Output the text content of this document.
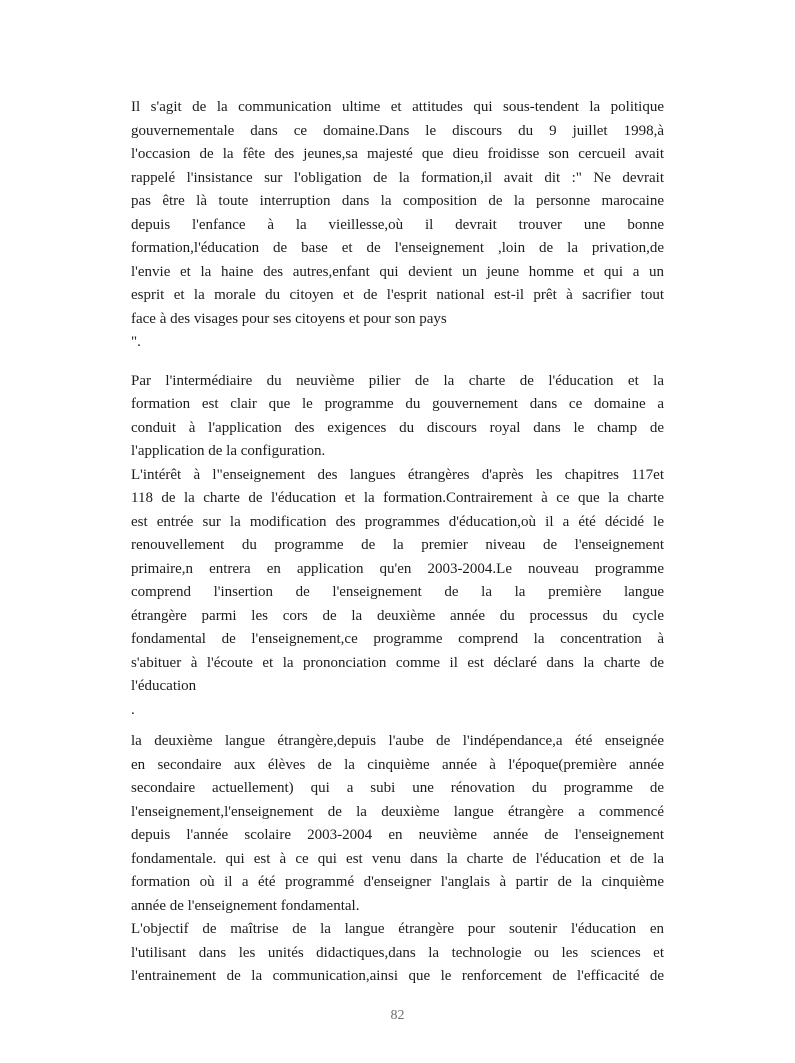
Il s'agit de la communication ultime et attitudes qui sous-tendent la politique
gouvernementale dans ce domaine.Dans le discours du 9 juillet 1998,à
l'occasion de la fête des jeunes,sa majesté que dieu froidisse son cercueil avait
rappelé l'insistance sur l'obligation de la formation,il avait dit :" Ne devrait
pas être là toute interruption dans la composition de la personne marocaine
depuis l'enfance à la vieillesse,où il devrait trouver une bonne
formation,l'éducation de base et de l'enseignement ,loin de la privation,de
l'envie et la haine des autres,enfant qui devient un jeune homme et qui a un
esprit et la morale du citoyen et de l'esprit national est-il prêt à sacrifier tout
face à des visages pour ses citoyens et pour son pays
".
Par l'intermédiaire du neuvième pilier de la charte de l'éducation et la
formation est clair que le programme du gouvernement dans ce domaine a
conduit à l'application des exigences du discours royal dans le champ de
l'application de la configuration.
L'intérêt à l"enseignement des langues étrangères d'après les chapitres 117et
118 de la charte de l'éducation et la formation.Contrairement à ce que la charte
est entrée sur la modification des programmes d'éducation,où il a été décidé le
renouvellement du programme de la premier niveau de l'enseignement
primaire,n entrera en application qu'en 2003-2004.Le nouveau programme
comprend l'insertion de l'enseignement de la la première langue
étrangère parmi les cors de la deuxième année du processus du cycle
fondamental de l'enseignement,ce programme comprend la concentration à
s'abituer à l'écoute et la prononciation comme il est déclaré dans la charte de
l'éducation
.
la deuxième langue étrangère,depuis l'aube de l'indépendance,a été enseignée
en secondaire aux élèves de la cinquième année à l'époque(première année
secondaire actuellement) qui a subi une rénovation du programme de
l'enseignement,l'enseignement de la deuxième langue étrangère a commencé
depuis l'année scolaire 2003-2004 en neuvième année de l'enseignement
fondamentale. qui est à ce qui est venu dans la charte de l'éducation et de la
formation où il a été programmé d'enseigner l'anglais à partir de la cinquième
année de l'enseignement fondamental.
L'objectif de maîtrise de la langue étrangère pour soutenir l'éducation en
l'utilisant dans les unités didactiques,dans la technologie ou les sciences et
l'entrainement de la communication,ainsi que le renforcement de l'efficacité de
82
